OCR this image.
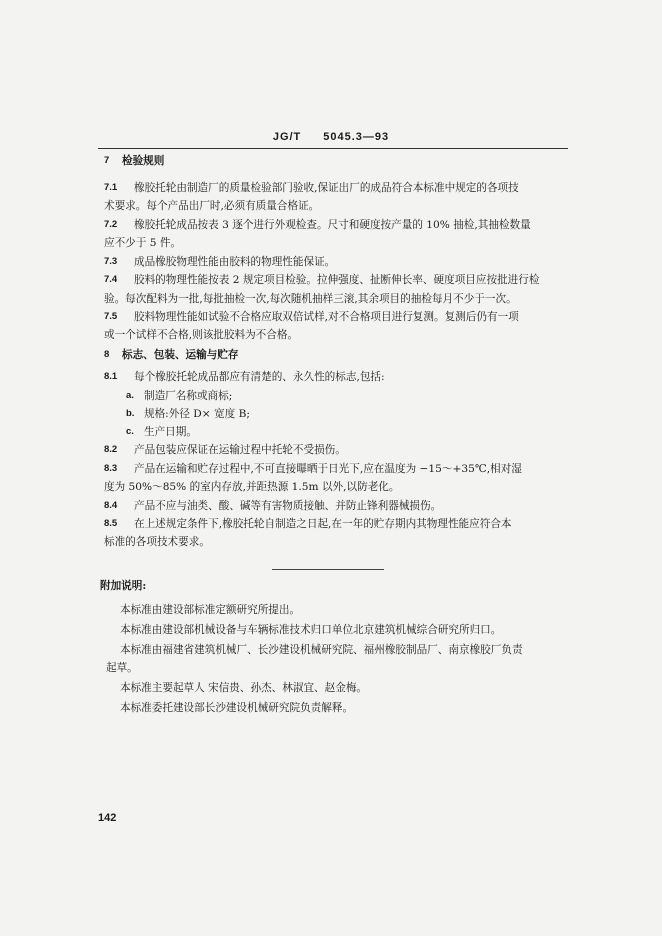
JG/T 5045.3—93
7 检验规则
7.1 橡胶托轮由制造厂的质量检验部门验收,保证出厂的成品符合本标准中规定的各项技
术要求。每个产品出厂时,必须有质量合格证。
7.2 橡胶托轮成品按表 3 逐个进行外观检查。尺寸和硬度按产量的 10% 抽检,其抽检数量
应不少于 5 件。
7.3 成品橡胶物理性能由胶料的物理性能保证。
7.4 胶料的物理性能按表 2 规定项目检验。拉伸强度、扯断伸长率、硬度项目应按批进行检
验。每次配料为一批,每批抽检一次,每次随机抽样三滚,其余项目的抽检每月不少于一次。
7.5 胶料物理性能如试验不合格应取双倍试样,对不合格项目进行复测。复测后仍有一项
或一个试样不合格,则该批胶料为不合格。
8 标志、包装、运输与贮存
8.1 每个橡胶托轮成品都应有清楚的、永久性的标志,包括:
a. 制造厂名称或商标;
b. 规格:外径 D× 宽度 B;
c. 生产日期。
8.2 产品包装应保证在运输过程中托轮不受损伤。
8.3 产品在运输和贮存过程中,不可直接曝晒于日光下,应在温度为 −15～+35℃,相对湿
度为 50%～85% 的室内存放,并距热源 1.5m 以外,以防老化。
8.4 产品不应与油类、酸、碱等有害物质接触、并防止锋利器械损伤。
8.5 在上述规定条件下,橡胶托轮自制造之日起,在一年的贮存期内其物理性能应符合本
标准的各项技术要求。
附加说明:
本标准由建设部标准定额研究所提出。
本标准由建设部机械设备与车辆标准技术归口单位北京建筑机械综合研究所归口。
本标准由福建省建筑机械厂、长沙建设机械研究院、福州橡胶制品厂、南京橡胶厂负责
起草。
本标准主要起草人 宋信贵、孙杰、林淑宜、赵金梅。
本标准委托建设部长沙建设机械研究院负责解释。
142
